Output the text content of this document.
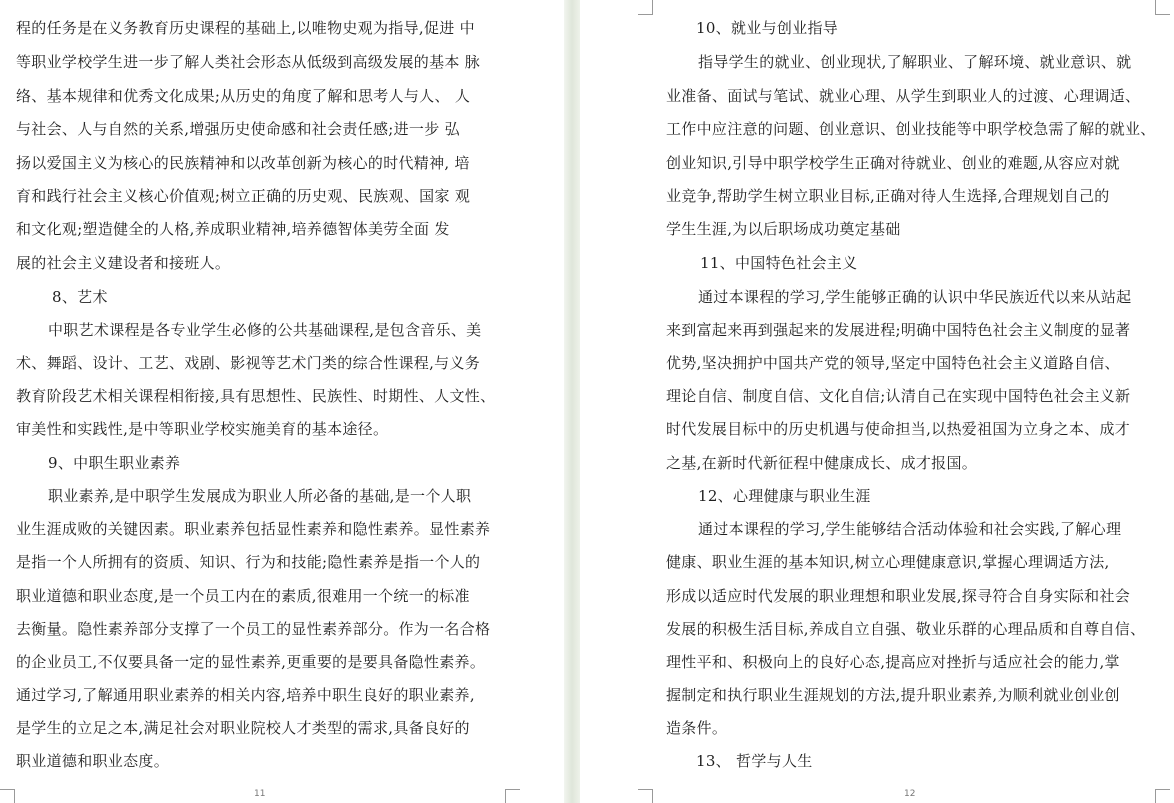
程的任务是在义务教育历史课程的基础上,以唯物史观为指导,促进 中
等职业学校学生进一步了解人类社会形态从低级到高级发展的基本 脉
络、基本规律和优秀文化成果;从历史的角度了解和思考人与人、 人
与社会、人与自然的关系,增强历史使命感和社会责任感;进一步 弘
扬以爱国主义为核心的民族精神和以改革创新为核心的时代精神, 培
育和践行社会主义核心价值观;树立正确的历史观、民族观、国家 观
和文化观;塑造健全的人格,养成职业精神,培养德智体美劳全面 发
展的社会主义建设者和接班人。
8、艺术
中职艺术课程是各专业学生必修的公共基础课程,是包含音乐、美
术、舞蹈、设计、工艺、戏剧、影视等艺术门类的综合性课程,与义务
教育阶段艺术相关课程相衔接,具有思想性、民族性、时期性、人文性、
审美性和实践性,是中等职业学校实施美育的基本途径。
9、中职生职业素养
职业素养,是中职学生发展成为职业人所必备的基础,是一个人职
业生涯成败的关键因素。职业素养包括显性素养和隐性素养。显性素养
是指一个人所拥有的资质、知识、行为和技能;隐性素养是指一个人的
职业道德和职业态度,是一个员工内在的素质,很难用一个统一的标准
去衡量。隐性素养部分支撑了一个员工的显性素养部分。作为一名合格
的企业员工,不仅要具备一定的显性素养,更重要的是要具备隐性素养。
通过学习,了解通用职业素养的相关内容,培养中职生良好的职业素养,
是学生的立足之本,满足社会对职业院校人才类型的需求,具备良好的
职业道德和职业态度。
11
10、就业与创业指导
指导学生的就业、创业现状,了解职业、了解环境、就业意识、就
业准备、面试与笔试、就业心理、从学生到职业人的过渡、心理调适、
工作中应注意的问题、创业意识、创业技能等中职学校急需了解的就业、
创业知识,引导中职学校学生正确对待就业、创业的难题,从容应对就
业竞争,帮助学生树立职业目标,正确对待人生选择,合理规划自己的
学生生涯,为以后职场成功奠定基础
11、中国特色社会主义
通过本课程的学习,学生能够正确的认识中华民族近代以来从站起
来到富起来再到强起来的发展进程;明确中国特色社会主义制度的显著
优势,坚决拥护中国共产党的领导,坚定中国特色社会主义道路自信、
理论自信、制度自信、文化自信;认清自己在实现中国特色社会主义新
时代发展目标中的历史机遇与使命担当,以热爱祖国为立身之本、成才
之基,在新时代新征程中健康成长、成才报国。
12、心理健康与职业生涯
通过本课程的学习,学生能够结合活动体验和社会实践,了解心理
健康、职业生涯的基本知识,树立心理健康意识,掌握心理调适方法,
形成以适应时代发展的职业理想和职业发展,探寻符合自身实际和社会
发展的积极生活目标,养成自立自强、敬业乐群的心理品质和自尊自信、
理性平和、积极向上的良好心态,提高应对挫折与适应社会的能力,掌
握制定和执行职业生涯规划的方法,提升职业素养,为顺利就业创业创
造条件。
13、 哲学与人生
12
